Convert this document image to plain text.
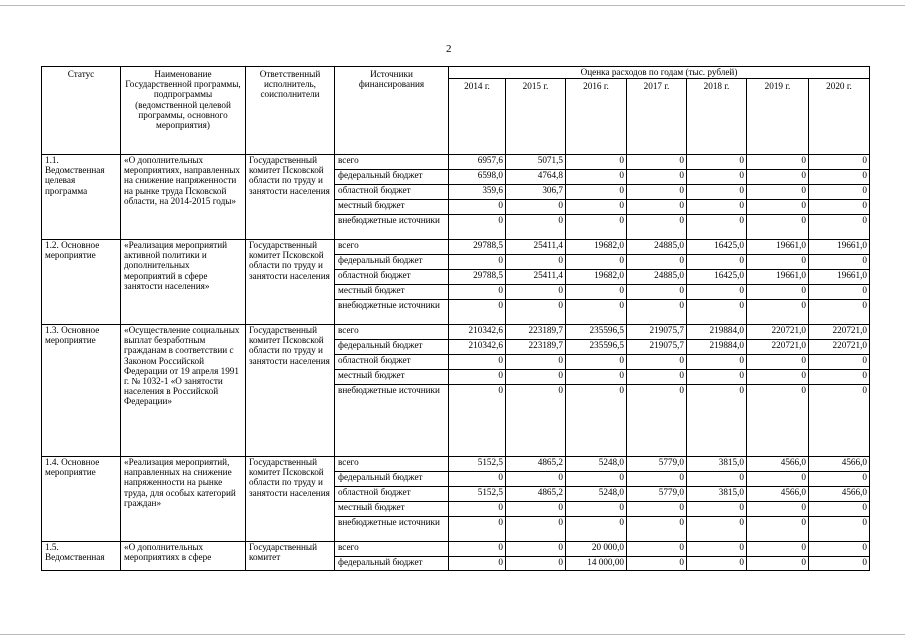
2
Статус	Наименование Государственной программы, подпрограммы (ведомственной целевой программы, основного мероприятия)	Ответственный исполнитель, соисполнители	Источники финансирования	Оценка расходов по годам (тыс. рублей)						
				2014 г.	2015 г.	2016 г.	2017 г.	2018 г.	2019 г.	2020 г.
1.1. Ведомственная целевая программа	«О дополнительных мероприятиях, направленных на снижение напряженности на рынке труда Псковской области, на 2014-2015 годы»	Государственный комитет Псковской области по труду и занятости населения	всего	6957,6	5071,5	0	0	0	0	0
			федеральный бюджет	6598,0	4764,8	0	0	0	0	0
			областной бюджет	359,6	306,7	0	0	0	0	0
			местный бюджет	0	0	0	0	0	0	0
			внебюджетные источники	0	0	0	0	0	0	0
1.2. Основное мероприятие	«Реализация мероприятий активной политики и дополнительных мероприятий в сфере занятости населения»	Государственный комитет Псковской области по труду и занятости населения	всего	29788,5	25411,4	19682,0	24885,0	16425,0	19661,0	19661,0
			федеральный бюджет	0	0	0	0	0	0	0
			областной бюджет	29788,5	25411,4	19682,0	24885,0	16425,0	19661,0	19661,0
			местный бюджет	0	0	0	0	0	0	0
			внебюджетные источники	0	0	0	0	0	0	0
1.3. Основное мероприятие	«Осуществление социальных выплат безработным гражданам в соответствии с Законом Российской Федерации от 19 апреля 1991 г. № 1032-1 «О занятости населения в Российской Федерации»	Государственный комитет Псковской области по труду и занятости населения	всего	210342,6	223189,7	235596,5	219075,7	219884,0	220721,0	220721,0
			федеральный бюджет	210342,6	223189,7	235596,5	219075,7	219884,0	220721,0	220721,0
			областной бюджет	0	0	0	0	0	0	0
			местный бюджет	0	0	0	0	0	0	0
			внебюджетные источники	0	0	0	0	0	0	0
1.4. Основное мероприятие	«Реализация мероприятий, направленных на снижение напряженности на рынке труда, для особых категорий граждан»	Государственный комитет Псковской области по труду и занятости населения	всего	5152,5	4865,2	5248,0	5779,0	3815,0	4566,0	4566,0
			федеральный бюджет	0	0	0	0	0	0	0
			областной бюджет	5152,5	4865,2	5248,0	5779,0	3815,0	4566,0	4566,0
			местный бюджет	0	0	0	0	0	0	0
			внебюджетные источники	0	0	0	0	0	0	0
1.5. Ведомственная	«О дополнительных мероприятиях в сфере	Государственный комитет	всего	0	0	20 000,0	0	0	0	0
			федеральный бюджет	0	0	14 000,00	0	0	0	0
